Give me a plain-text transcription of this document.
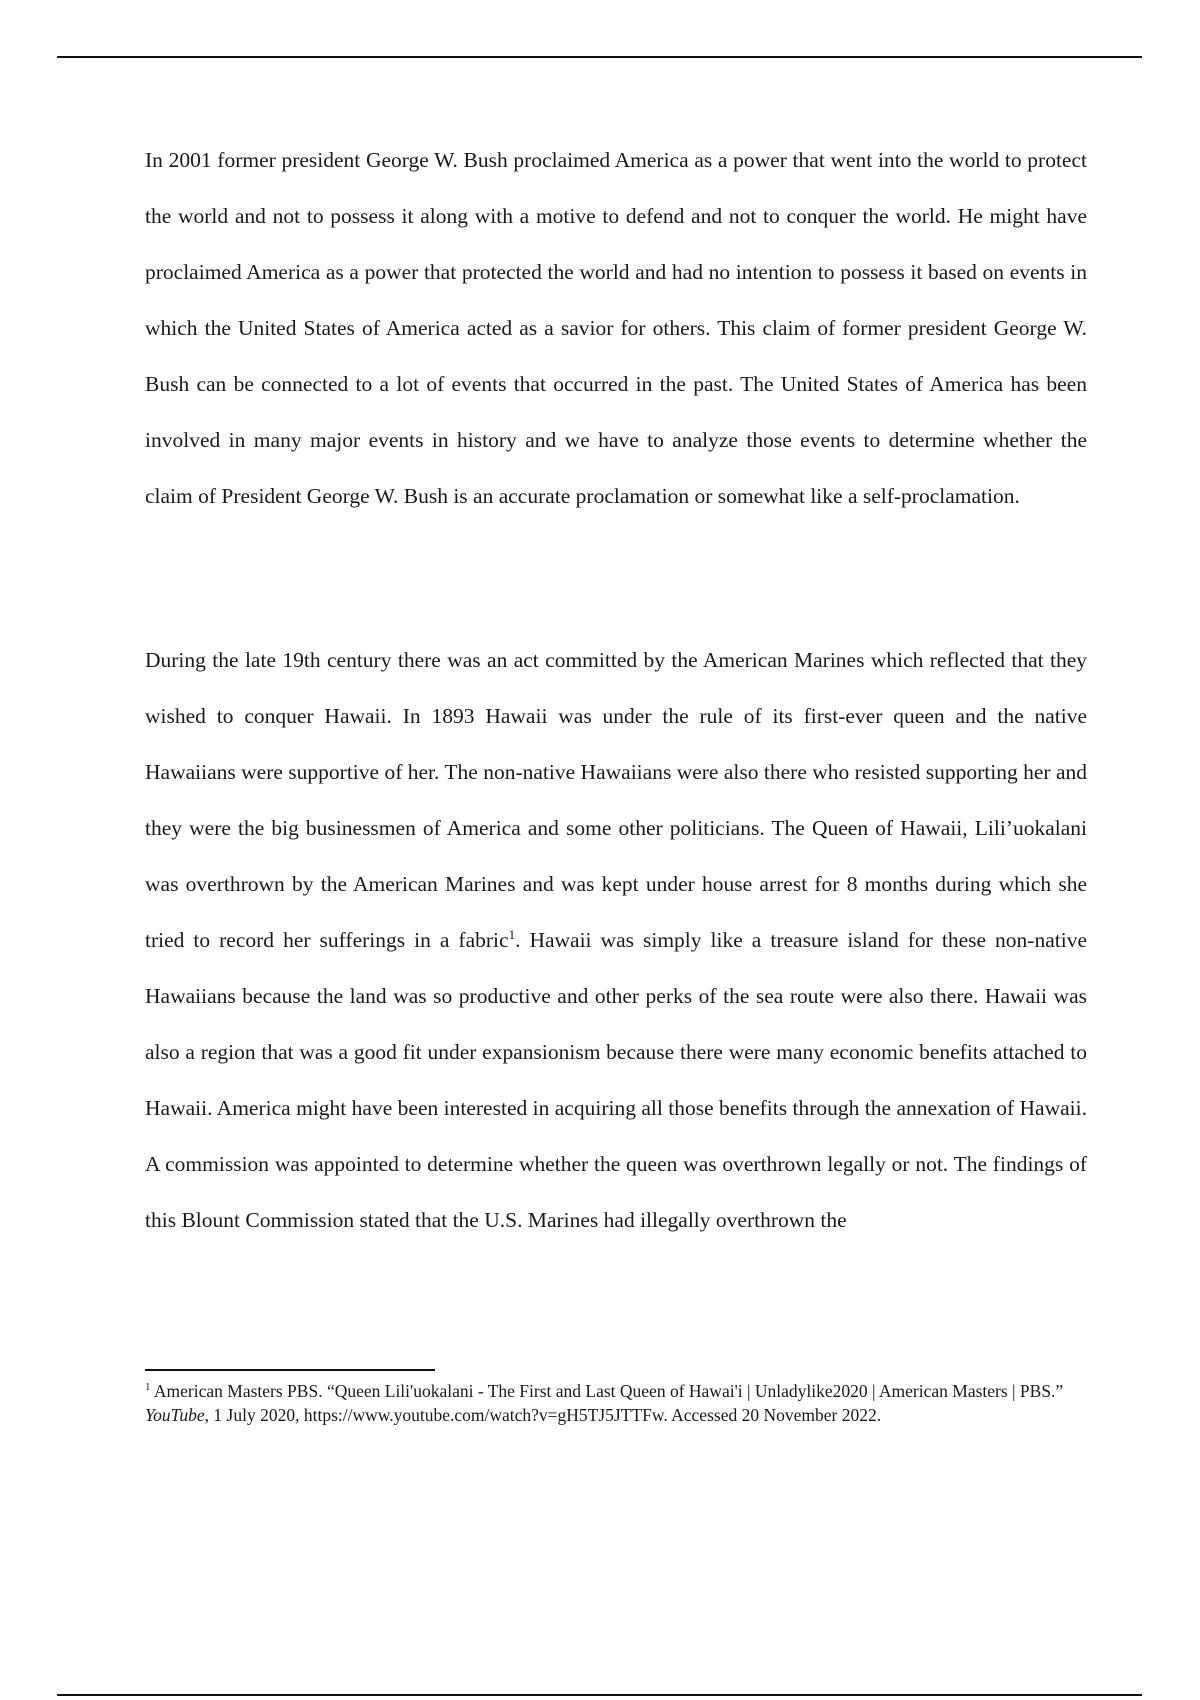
In 2001 former president George W. Bush proclaimed America as a power that went into the world to protect the world and not to possess it along with a motive to defend and not to conquer the world. He might have proclaimed America as a power that protected the world and had no intention to possess it based on events in which the United States of America acted as a savior for others. This claim of former president George W. Bush can be connected to a lot of events that occurred in the past. The United States of America has been involved in many major events in history and we have to analyze those events to determine whether the claim of President George W. Bush is an accurate proclamation or somewhat like a self-proclamation.

During the late 19th century there was an act committed by the American Marines which reflected that they wished to conquer Hawaii. In 1893 Hawaii was under the rule of its first-ever queen and the native Hawaiians were supportive of her. The non-native Hawaiians were also there who resisted supporting her and they were the big businessmen of America and some other politicians. The Queen of Hawaii, Lili’uokalani was overthrown by the American Marines and was kept under house arrest for 8 months during which she tried to record her sufferings in a fabric$^1$. Hawaii was simply like a treasure island for these non-native Hawaiians because the land was so productive and other perks of the sea route were also there. Hawaii was also a region that was a good fit under expansionism because there were many economic benefits attached to Hawaii. America might have been interested in acquiring all those benefits through the annexation of Hawaii. A commission was appointed to determine whether the queen was overthrown legally or not. The findings of this Blount Commission stated that the U.S. Marines had illegally overthrown the

$^1$ American Masters PBS. “Queen Lili'uokalani - The First and Last Queen of Hawai'i | Unladylike2020 | American Masters | PBS.” YouTube, 1 July 2020, https://www.youtube.com/watch?v=gH5TJ5JTTFw. Accessed 20 November 2022.
